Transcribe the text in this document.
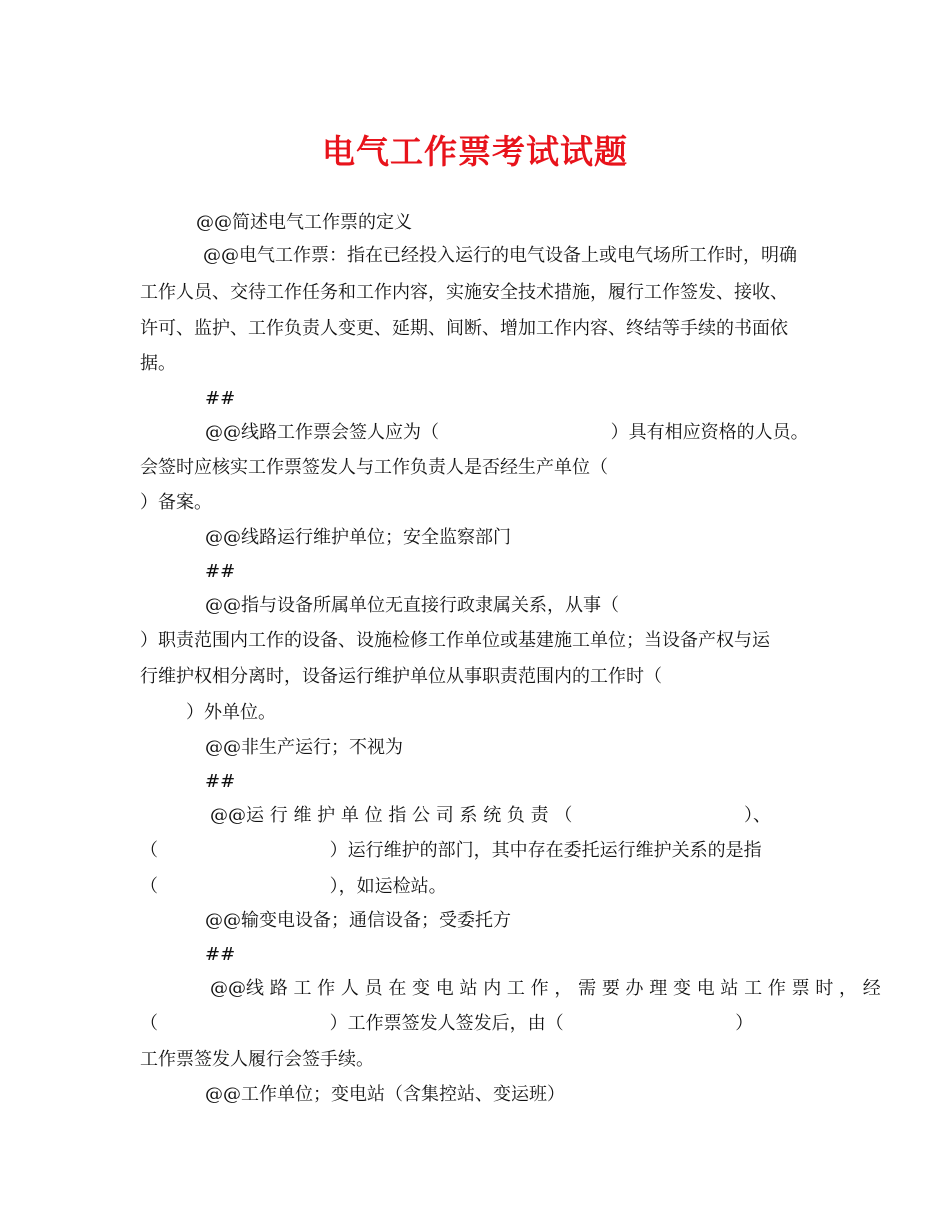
电气工作票考试试题

@@简述电气工作票的定义

@@电气工作票：指在已经投入运行的电气设备上或电气场所工作时，明确

工作人员、交待工作任务和工作内容，实施安全技术措施，履行工作签发、接收、

许可、监护、工作负责人变更、延期、间断、增加工作内容、终结等手续的书面依

据。

##

@@线路工作票会签人应为（                              ）具有相应资格的人员。

会签时应核实工作票签发人与工作负责人是否经生产单位（

）备案。

@@线路运行维护单位；安全监察部门

##

@@指与设备所属单位无直接行政隶属关系，从事（

）职责范围内工作的设备、设施检修工作单位或基建施工单位；当设备产权与运

行维护权相分离时，设备运行维护单位从事职责范围内的工作时（

）外单位。

@@非生产运行；不视为

##

@@运 行 维 护 单 位 指 公 司 系 统 负 责 （                              ）、

（                              ）运行维护的部门，其中存在委托运行维护关系的是指

（                              ），如运检站。

@@输变电设备；通信设备；受委托方

##

@@线 路 工 作 人 员 在 变 电 站 内 工 作 ， 需 要 办 理 变 电 站 工 作 票 时 ， 经

（                              ）工作票签发人签发后，由（                              ）

工作票签发人履行会签手续。

@@工作单位；变电站（含集控站、变运班）
